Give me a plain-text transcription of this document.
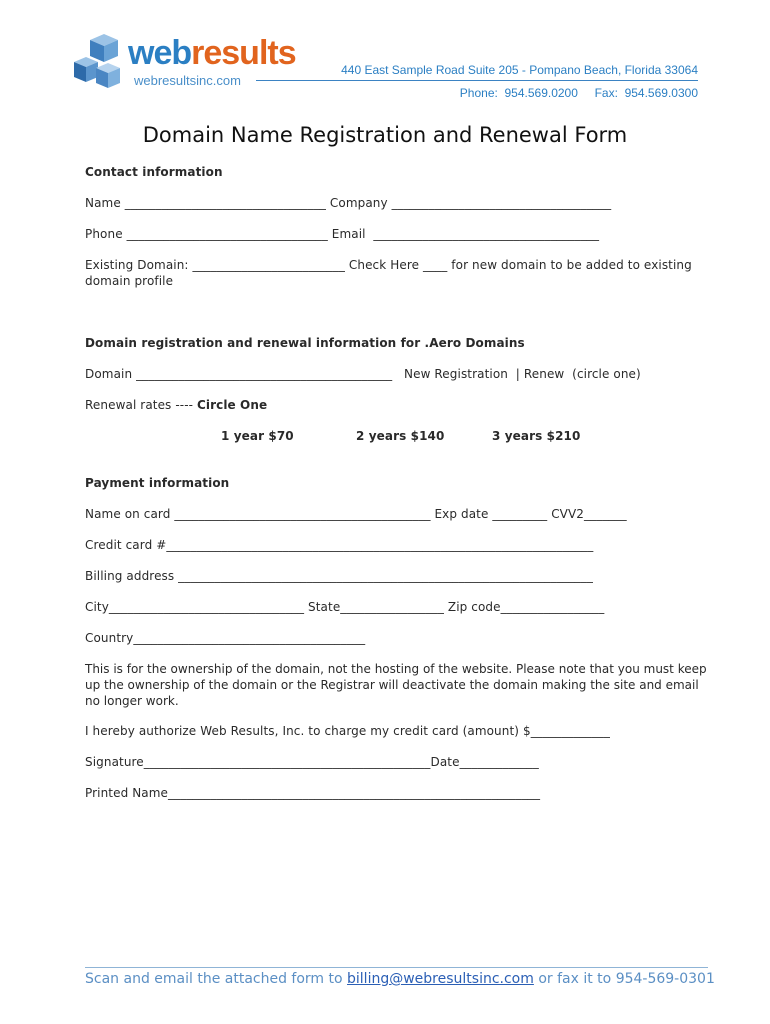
webresults
webresultsinc.com
440 East Sample Road Suite 205 - Pompano Beach, Florida 33064
Phone:  954.569.0200     Fax:  954.569.0300
Domain Name Registration and Renewal Form
Contact information
Name _________________________________ Company ____________________________________
Phone _________________________________ Email  _____________________________________
Existing Domain: _________________________ Check Here ____ for new domain to be added to existing
domain profile
Domain registration and renewal information for .Aero Domains
Domain __________________________________________   New Registration  | Renew  (circle one)
Renewal rates ---- Circle One
1 year $70	2 years $140	3 years $210
Payment information
Name on card __________________________________________ Exp date _________ CVV2_______
Credit card #______________________________________________________________________
Billing address ____________________________________________________________________
City________________________________ State_________________ Zip code_________________
Country______________________________________
This is for the ownership of the domain, not the hosting of the website. Please note that you must keep up the ownership of the domain or the Registrar will deactivate the domain making the site and email no longer work.
I hereby authorize Web Results, Inc. to charge my credit card (amount) $_____________
Signature_______________________________________________Date_____________
Printed Name_____________________________________________________________
Scan and email the attached form to billing@webresultsinc.com or fax it to 954-569-0301
